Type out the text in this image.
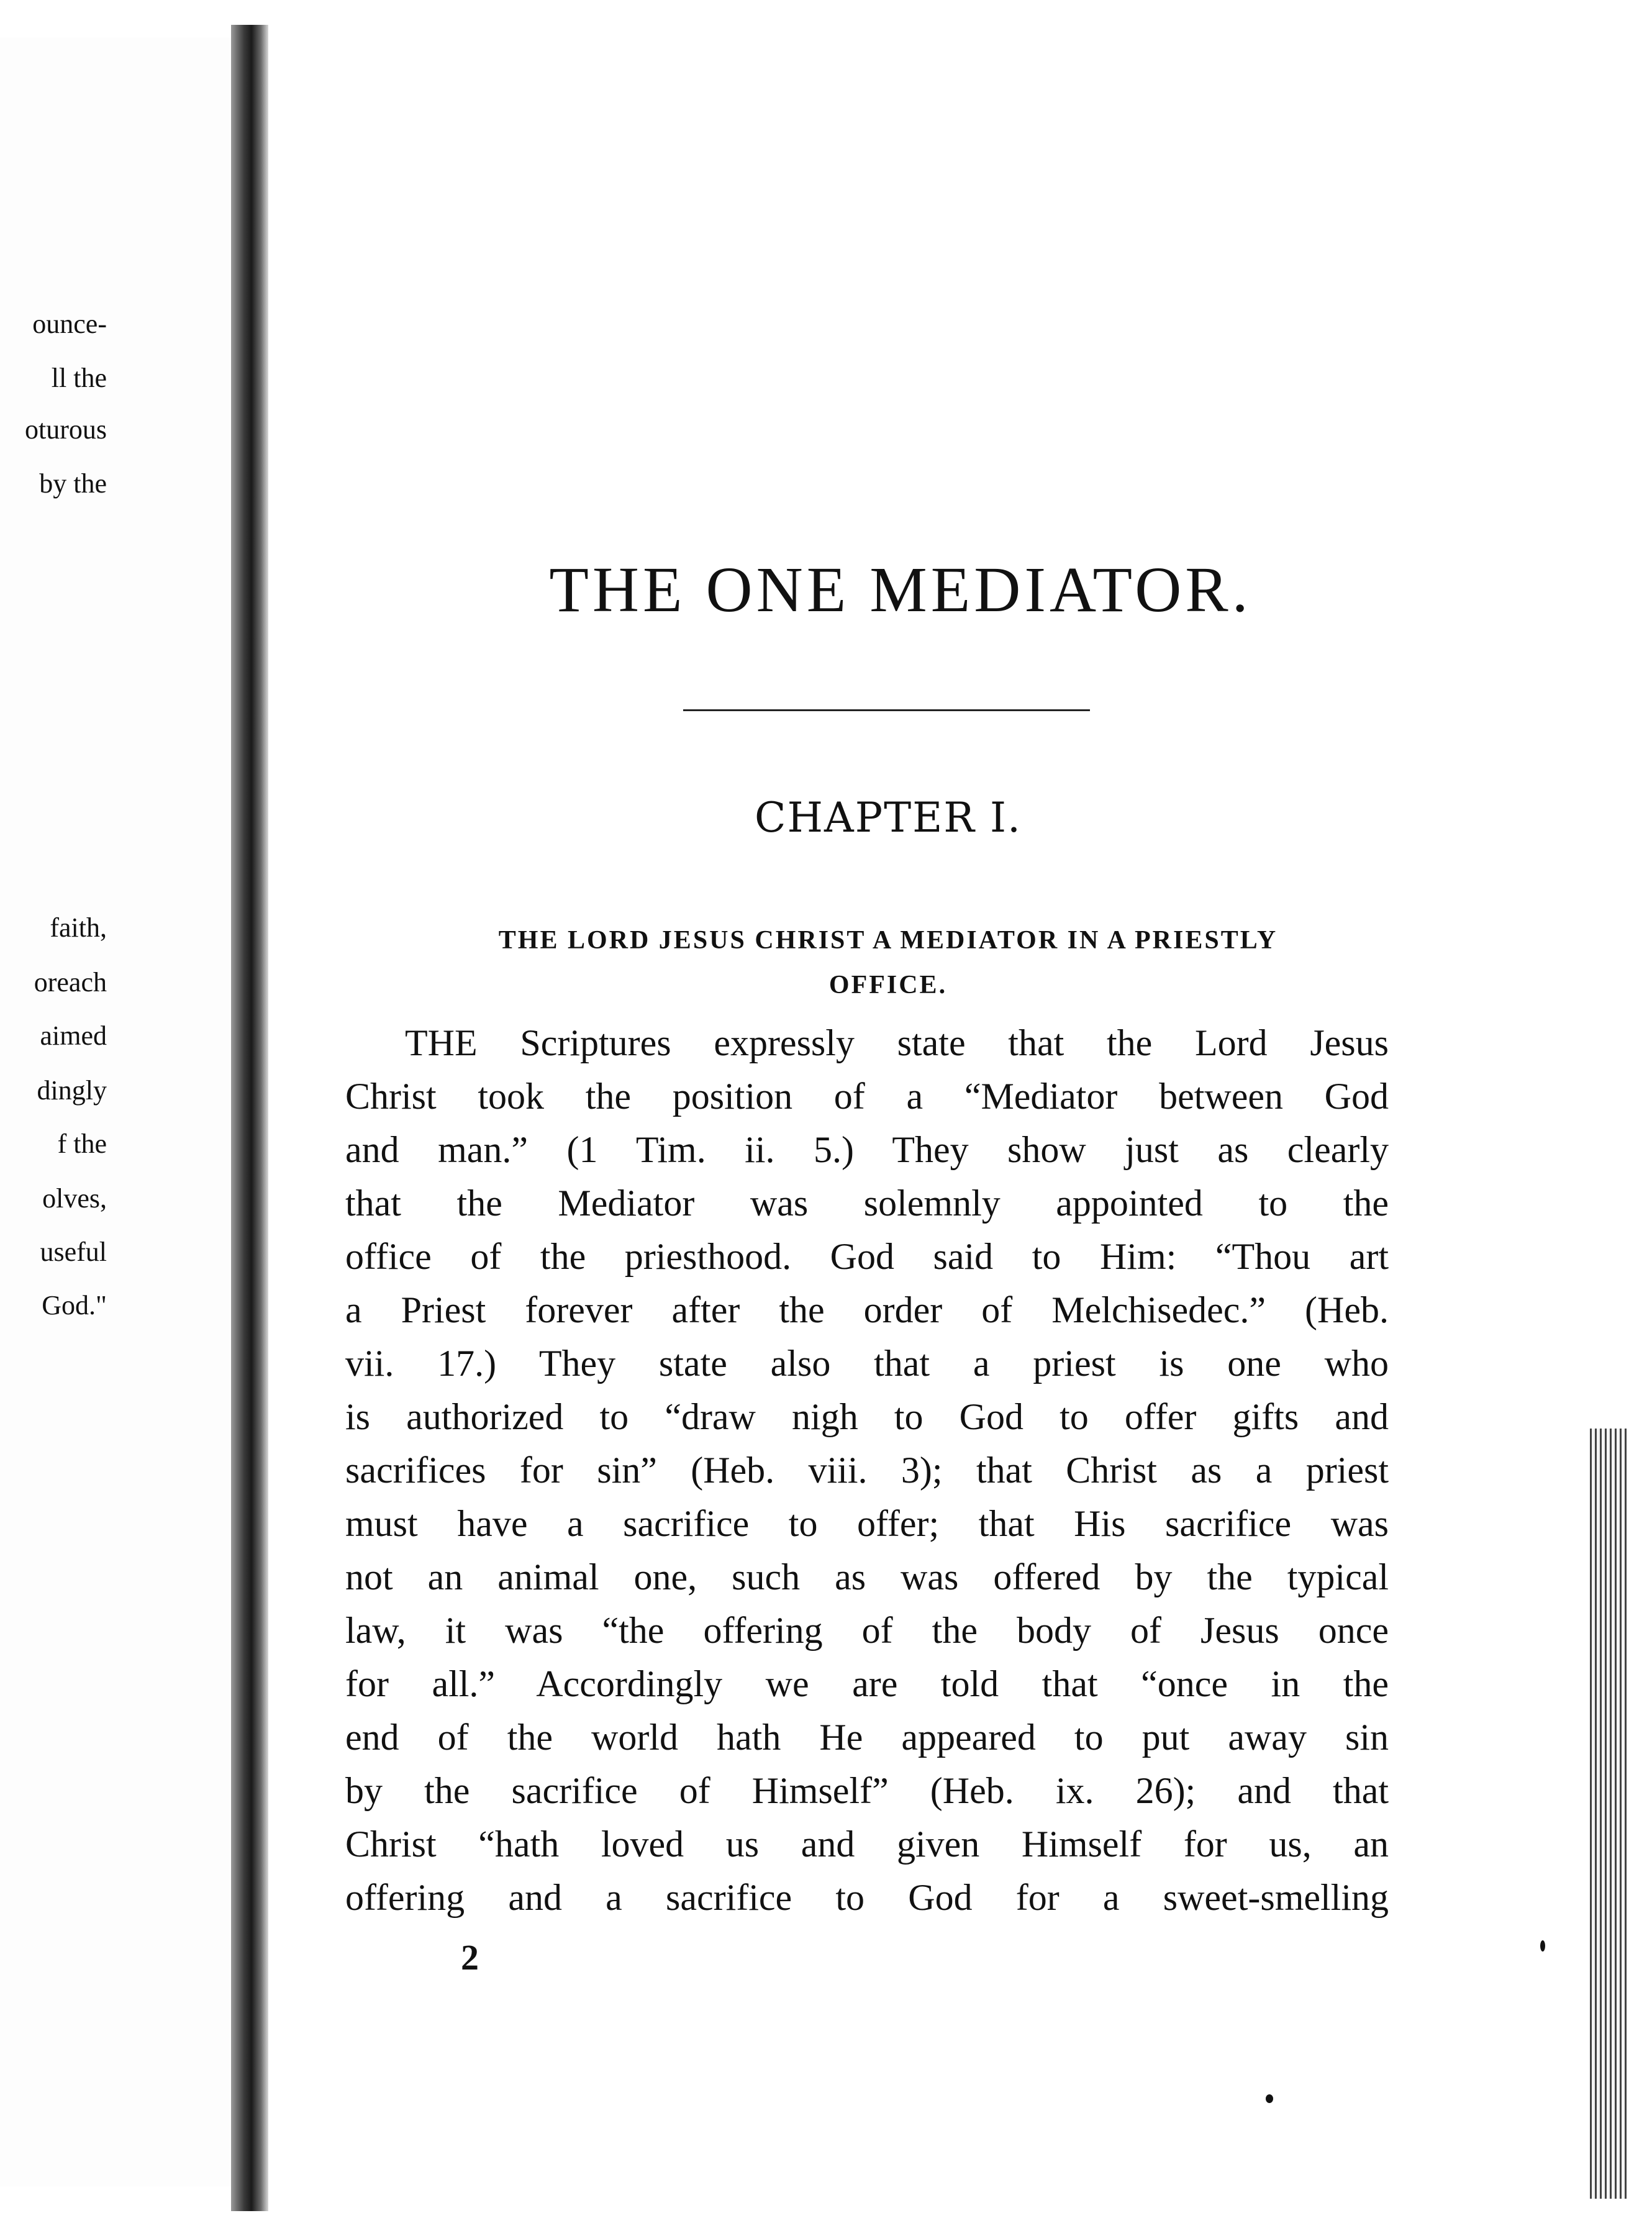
ounce-
ll the
oturous
by the
faith,
oreach
aimed
dingly
f the
olves,
useful
God."
THE ONE MEDIATOR.
CHAPTER I.
THE LORD JESUS CHRIST A MEDIATOR IN A PRIESTLY
OFFICE.
THE Scriptures expressly state that the Lord Jesus
Christ took the position of a “Mediator between God
and man.” (1 Tim. ii. 5.) They show just as clearly
that the Mediator was solemnly appointed to the
office of the priesthood. God said to Him: “Thou art
a Priest forever after the order of Melchisedec.” (Heb.
vii. 17.) They state also that a priest is one who
is authorized to “draw nigh to God to offer gifts and
sacrifices for sin” (Heb. viii. 3); that Christ as a priest
must have a sacrifice to offer; that His sacrifice was
not an animal one, such as was offered by the typical
law, it was “the offering of the body of Jesus once
for all.” Accordingly we are told that “once in the
end of the world hath He appeared to put away sin
by the sacrifice of Himself” (Heb. ix. 26); and that
Christ “hath loved us and given Himself for us, an
offering and a sacrifice to God for a sweet-smelling
2
